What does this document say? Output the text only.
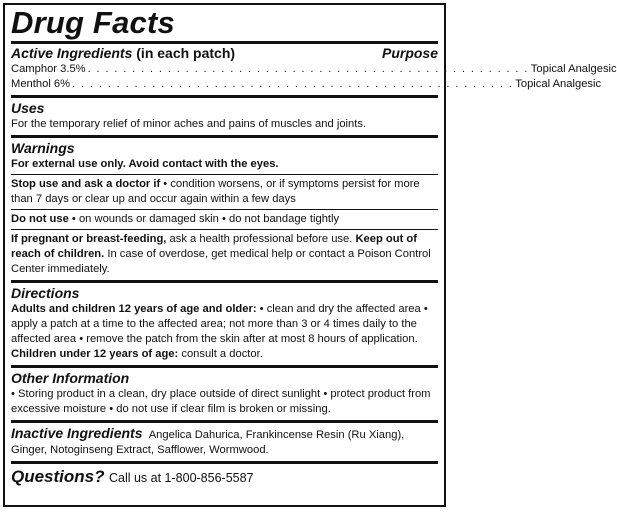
Drug Facts
Active Ingredients (in each patch)	Purpose
Camphor 3.5% . . . . . . . . . . . . . . . . . . . . . . . . . . . . . . . . . . . . . . . . . . . . . . . . . . Topical Analgesic
Menthol 6% . . . . . . . . . . . . . . . . . . . . . . . . . . . . . . . . . . . . . . . . . . . . . . . . . . Topical Analgesic
Uses
For the temporary relief of minor aches and pains of muscles and joints.
Warnings
For external use only. Avoid contact with the eyes.
Stop use and ask a doctor if • condition worsens, or if symptoms persist for more than 7 days or clear up and occur again within a few days
Do not use • on wounds or damaged skin • do not bandage tightly
If pregnant or breast-feeding, ask a health professional before use. Keep out of reach of children. In case of overdose, get medical help or contact a Poison Control Center immediately.
Directions
Adults and children 12 years of age and older: • clean and dry the affected area • apply a patch at a time to the affected area; not more than 3 or 4 times daily to the affected area • remove the patch from the skin after at most 8 hours of application.
Children under 12 years of age: consult a doctor.
Other Information
• Storing product in a clean, dry place outside of direct sunlight • protect product from excessive moisture • do not use if clear film is broken or missing.
Inactive Ingredients Angelica Dahurica, Frankincense Resin (Ru Xiang), Ginger, Notoginseng Extract, Safflower, Wormwood.
Questions? Call us at 1-800-856-5587
